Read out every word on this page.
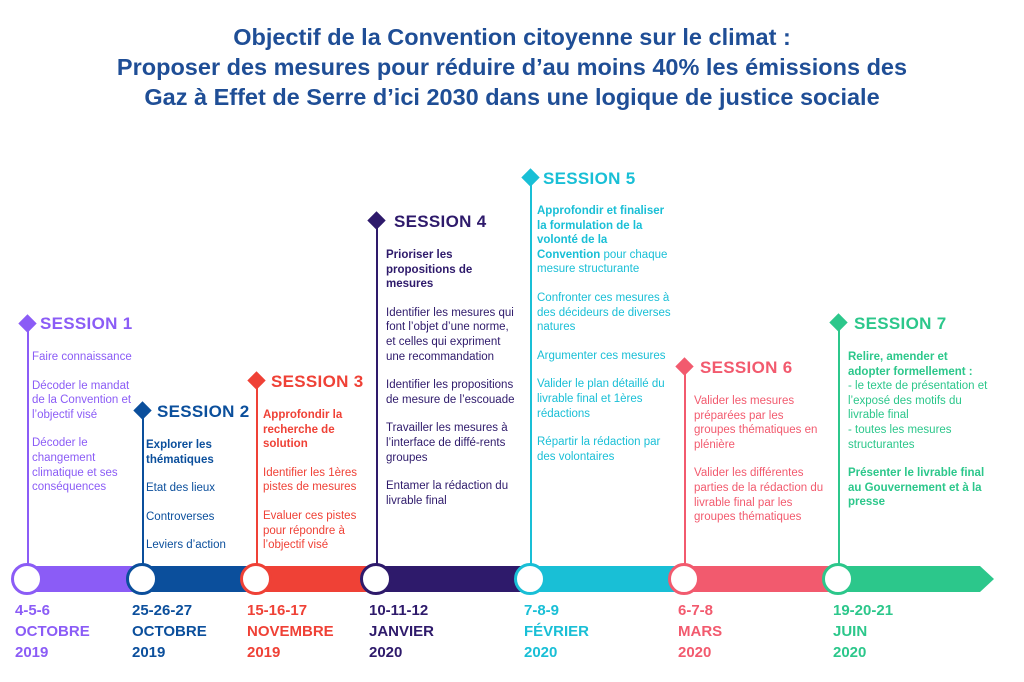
Objectif de la Convention citoyenne sur le climat :
Proposer des mesures pour réduire d’au moins 40% les émissions des
Gaz à Effet de Serre d’ici 2030 dans une logique de justice sociale
SESSION 1

Faire connaissance

Décoder le mandat de la Convention et l’objectif visé

Décoder le changement climatique et ses conséquences

SESSION 2

Explorer les thématiques

Etat des lieux

Controverses

Leviers d’action

SESSION 3

Approfondir la recherche de solution

Identifier les 1ères pistes de mesures

Evaluer ces pistes pour répondre à l’objectif visé

SESSION 4

Prioriser les propositions de mesures

Identifier les mesures qui font l’objet d’une norme, et celles qui expriment une recommandation

Identifier les propositions de mesure de l’escouade

Travailler les mesures à l’interface de diffé-rents groupes

Entamer la rédaction du livrable final

SESSION 5

Approfondir et finaliser la formulation de la volonté de la Convention pour chaque mesure structurante

Confronter ces mesures à des décideurs de diverses natures

Argumenter ces mesures

Valider le plan détaillé du livrable final et 1ères rédactions

Répartir la rédaction par des volontaires

SESSION 6

Valider les mesures préparées par les groupes thématiques en plénière

Valider les différentes parties de la rédaction du livrable final par les groupes thématiques

SESSION 7

Relire, amender et adopter formellement :

- le texte de présentation et l’exposé des motifs du livrable final

- toutes les mesures structurantes

Présenter le livrable final au Gouvernement et à la presse

4-5-6
OCTOBRE
2019
25-26-27
OCTOBRE
2019
15-16-17
NOVEMBRE
2019
10-11-12
JANVIER
2020
7-8-9
FÉVRIER
2020
6-7-8
MARS
2020
19-20-21
JUIN
2020
